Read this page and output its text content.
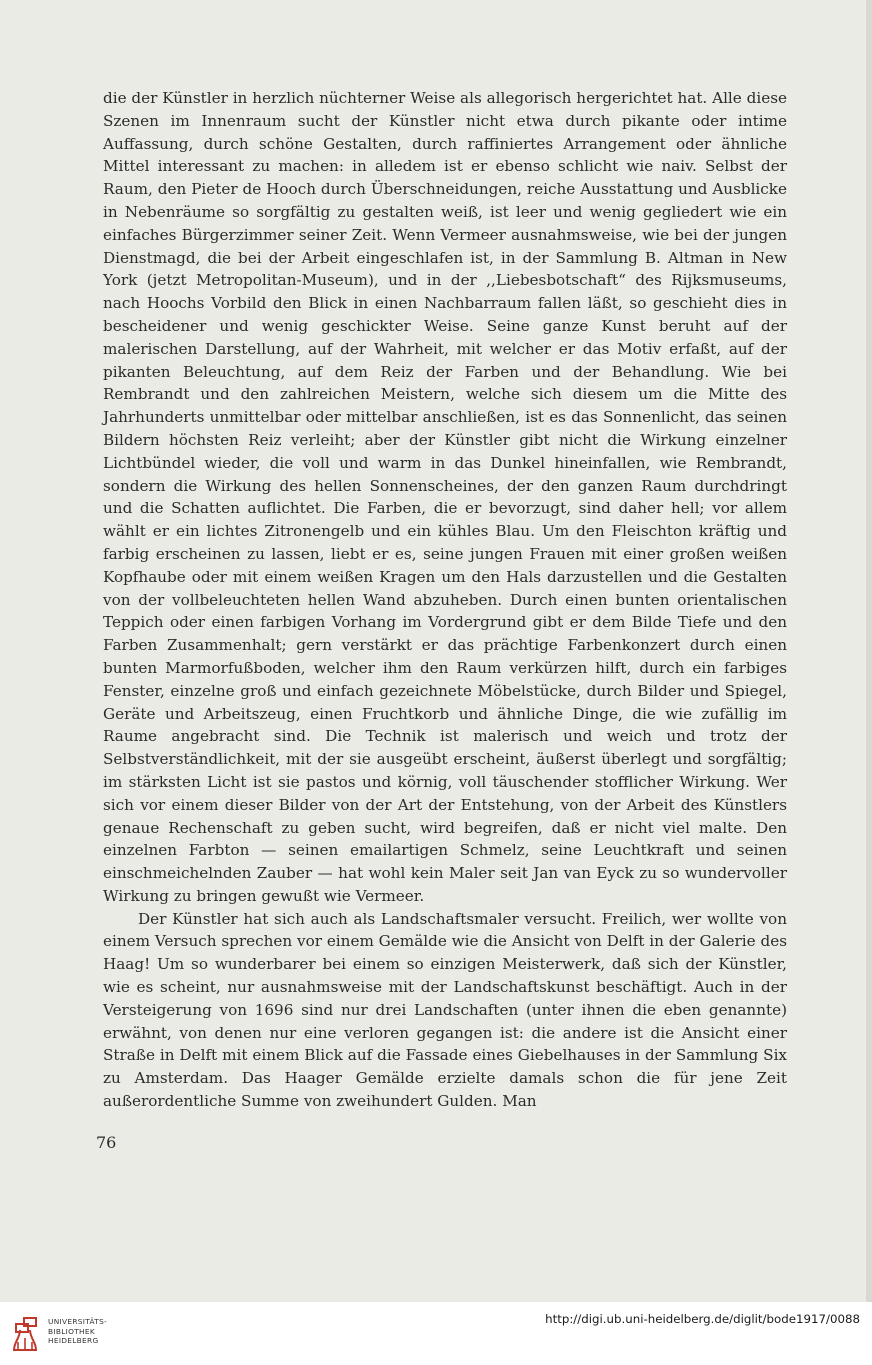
die der Künstler in herzlich nüchterner Weise als allegorisch hergerichtet hat. Alle diese Szenen im Innenraum sucht der Künstler nicht etwa durch pikante oder intime Auffassung, durch schöne Gestalten, durch raffiniertes Arrangement oder ähnliche Mittel interessant zu machen: in alledem ist er ebenso schlicht wie naiv. Selbst der Raum, den Pieter de Hooch durch Überschneidungen, reiche Ausstattung und Ausblicke in Nebenräume so sorgfältig zu gestalten weiß, ist leer und wenig gegliedert wie ein einfaches Bürgerzimmer seiner Zeit. Wenn Vermeer ausnahmsweise, wie bei der jungen Dienstmagd, die bei der Arbeit eingeschlafen ist, in der Sammlung B. Altman in New York (jetzt Metropolitan-Museum), und in der ,,Liebesbotschaft“ des Rijksmuseums, nach Hoochs Vorbild den Blick in einen Nachbarraum fallen läßt, so geschieht dies in bescheidener und wenig geschickter Weise. Seine ganze Kunst beruht auf der malerischen Darstellung, auf der Wahrheit, mit welcher er das Motiv erfaßt, auf der pikanten Beleuchtung, auf dem Reiz der Farben und der Behandlung. Wie bei Rembrandt und den zahlreichen Meistern, welche sich diesem um die Mitte des Jahrhunderts unmittelbar oder mittelbar anschließen, ist es das Sonnenlicht, das seinen Bildern höchsten Reiz verleiht; aber der Künstler gibt nicht die Wirkung einzelner Lichtbündel wieder, die voll und warm in das Dunkel hineinfallen, wie Rembrandt, sondern die Wirkung des hellen Sonnenscheines, der den ganzen Raum durchdringt und die Schatten auflichtet. Die Farben, die er bevorzugt, sind daher hell; vor allem wählt er ein lichtes Zitronengelb und ein kühles Blau. Um den Fleischton kräftig und farbig erscheinen zu lassen, liebt er es, seine jungen Frauen mit einer großen weißen Kopfhaube oder mit einem weißen Kragen um den Hals darzustellen und die Gestalten von der vollbeleuchteten hellen Wand abzuheben. Durch einen bunten orientalischen Teppich oder einen farbigen Vorhang im Vordergrund gibt er dem Bilde Tiefe und den Farben Zusammenhalt; gern verstärkt er das prächtige Farbenkonzert durch einen bunten Marmorfußboden, welcher ihm den Raum verkürzen hilft, durch ein farbiges Fenster, einzelne groß und einfach gezeichnete Möbelstücke, durch Bilder und Spiegel, Geräte und Arbeitszeug, einen Fruchtkorb und ähnliche Dinge, die wie zufällig im Raume angebracht sind. Die Technik ist malerisch und weich und trotz der Selbstverständlichkeit, mit der sie ausgeübt erscheint, äußerst überlegt und sorgfältig; im stärksten Licht ist sie pastos und körnig, voll täuschender stofflicher Wirkung. Wer sich vor einem dieser Bilder von der Art der Entstehung, von der Arbeit des Künstlers genaue Rechenschaft zu geben sucht, wird begreifen, daß er nicht viel malte. Den einzelnen Farbton — seinen emailartigen Schmelz, seine Leuchtkraft und seinen einschmeichelnden Zauber — hat wohl kein Maler seit Jan van Eyck zu so wundervoller Wirkung zu bringen gewußt wie Vermeer.

Der Künstler hat sich auch als Landschaftsmaler versucht. Freilich, wer wollte von einem Versuch sprechen vor einem Gemälde wie die Ansicht von Delft in der Galerie des Haag! Um so wunderbarer bei einem so einzigen Meisterwerk, daß sich der Künstler, wie es scheint, nur ausnahmsweise mit der Landschaftskunst beschäftigt. Auch in der Versteigerung von 1696 sind nur drei Landschaften (unter ihnen die eben genannte) erwähnt, von denen nur eine verloren gegangen ist: die andere ist die Ansicht einer Straße in Delft mit einem Blick auf die Fassade eines Giebelhauses in der Sammlung Six zu Amsterdam. Das Haager Gemälde erzielte damals schon die für jene Zeit außerordentliche Summe von zweihundert Gulden. Man

76
UNIVERSITÄTS-
BIBLIOTHEK
HEIDELBERG
http://digi.ub.uni-heidelberg.de/diglit/bode1917/0088
